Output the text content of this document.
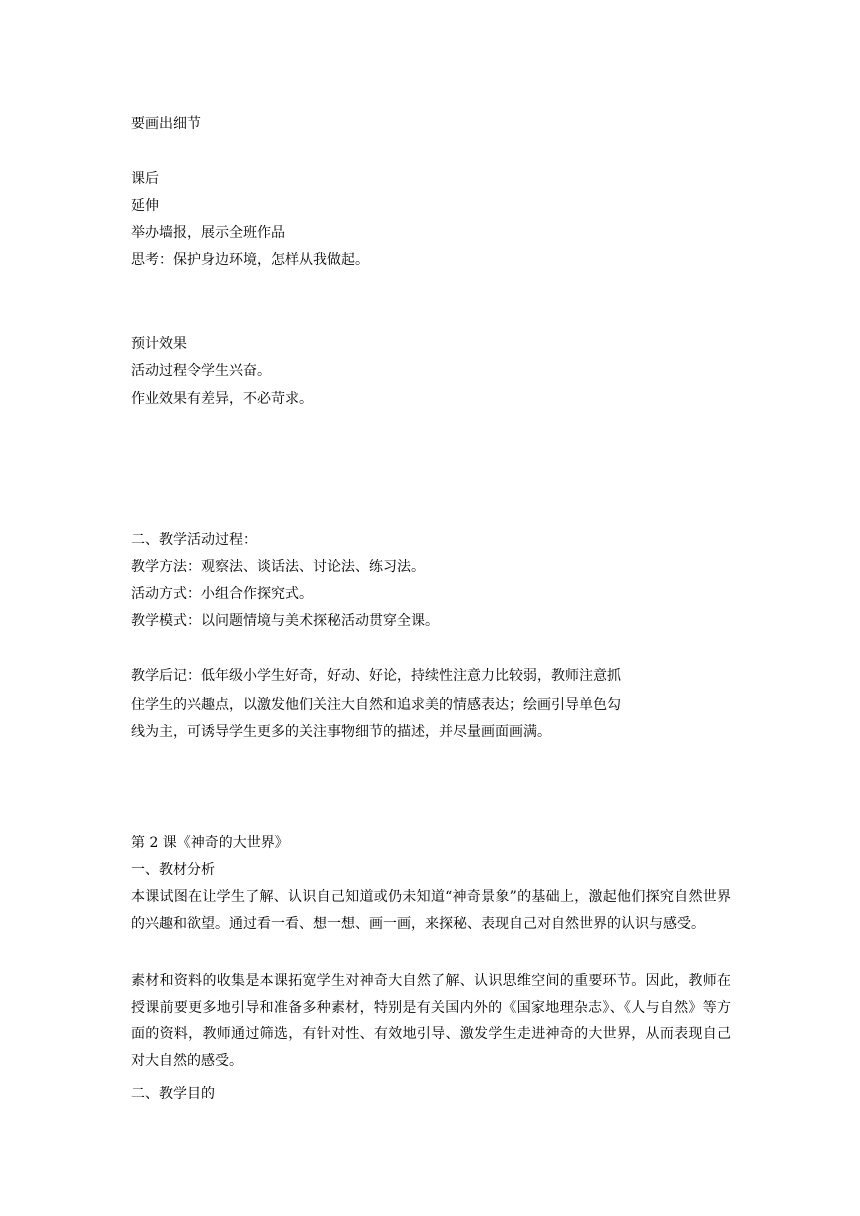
要画出细节
课后
延伸
举办墙报，展示全班作品
思考：保护身边环境，怎样从我做起。
预计效果
活动过程令学生兴奋。
作业效果有差异，不必苛求。
二、教学活动过程：
教学方法：观察法、谈话法、讨论法、练习法。
活动方式：小组合作探究式。
教学模式：以问题情境与美术探秘活动贯穿全课。
教学后记：低年级小学生好奇，好动、好论，持续性注意力比较弱，教师注意抓
住学生的兴趣点，以激发他们关注大自然和追求美的情感表达；绘画引导单色勾
线为主，可诱导学生更多的关注事物细节的描述，并尽量画面画满。
第 2 课《神奇的大世界》
一、教材分析
本课试图在让学生了解、认识自己知道或仍未知道“神奇景象”的基础上，激起他们探究自然世界的兴趣和欲望。通过看一看、想一想、画一画，来探秘、表现自己对自然世界的认识与感受。
素材和资料的收集是本课拓宽学生对神奇大自然了解、认识思维空间的重要环节。因此，教师在授课前要更多地引导和准备多种素材，特别是有关国内外的《国家地理杂志》、《人与自然》等方面的资料，教师通过筛选，有针对性、有效地引导、激发学生走进神奇的大世界，从而表现自己对大自然的感受。
二、教学目的
